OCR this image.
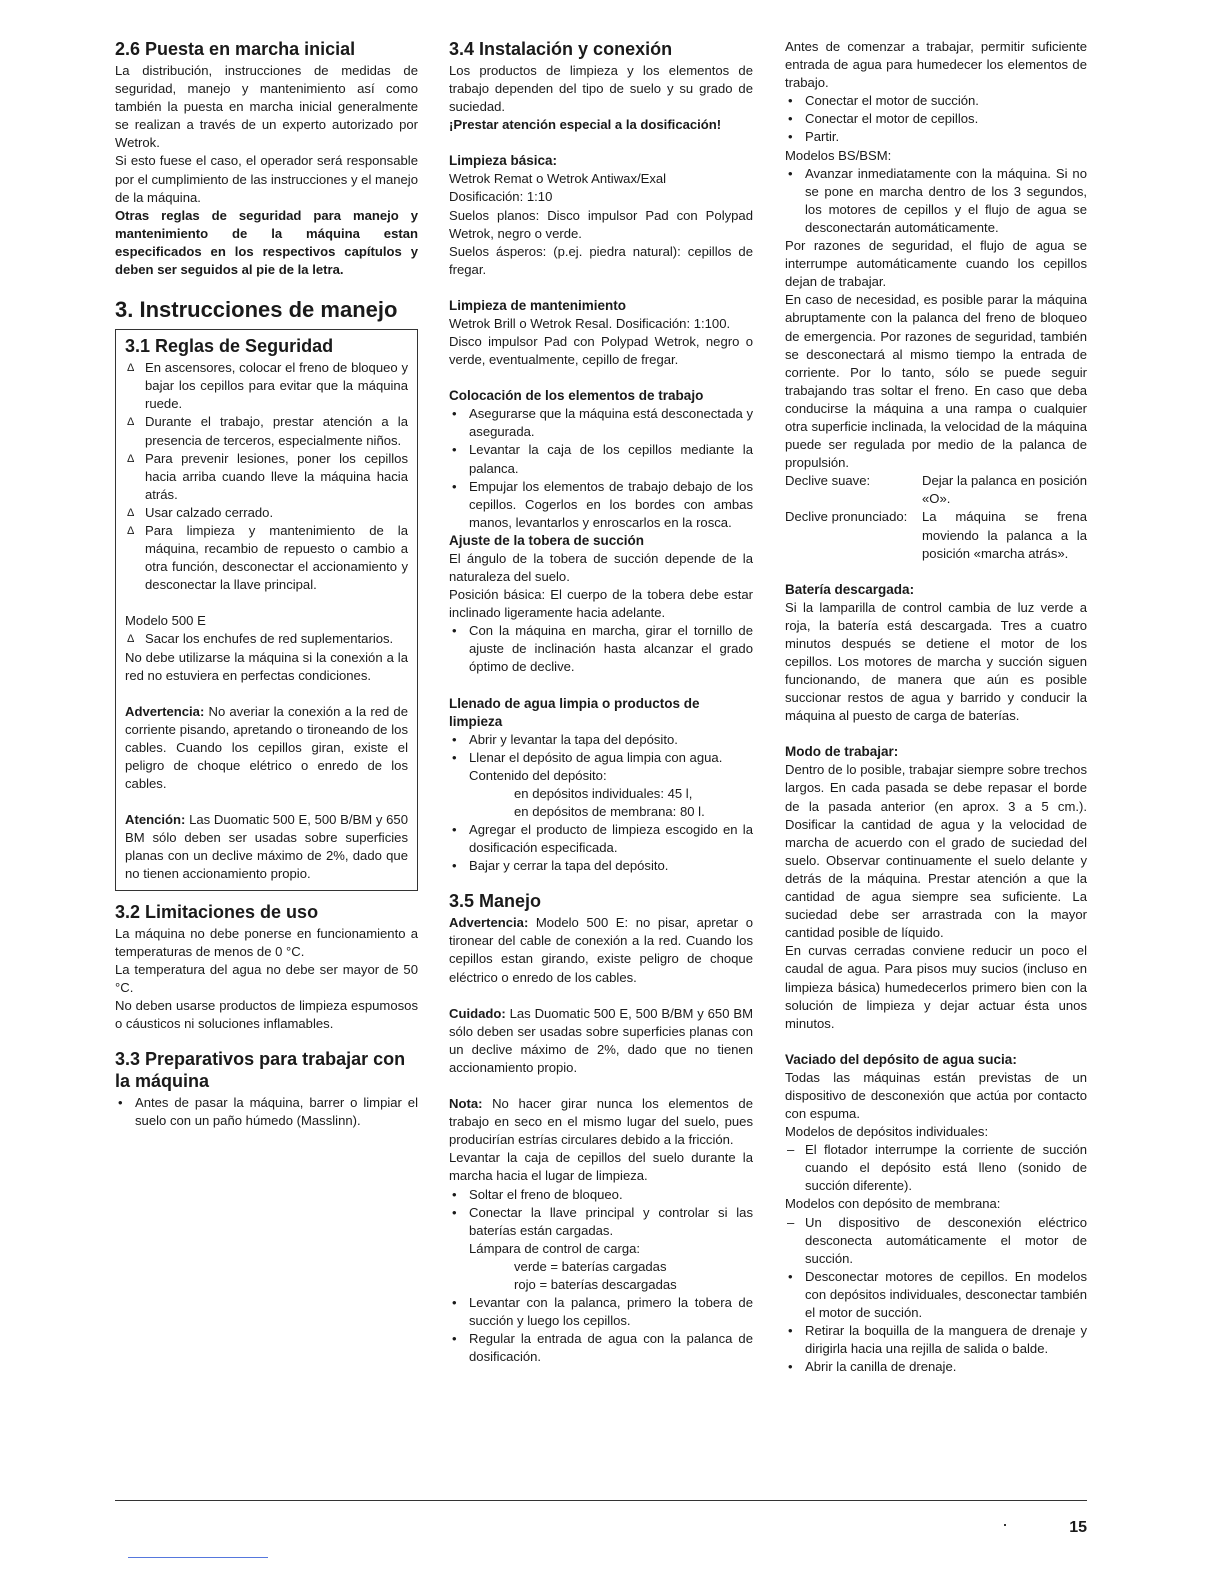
2.6 Puesta en marcha inicial

La distribución, instrucciones de medidas de seguridad, manejo y mantenimiento así como también la puesta en marcha inicial generalmente se realizan a través de un experto autorizado por Wetrok.

Si esto fuese el caso, el operador será responsable por el cumplimiento de las instrucciones y el manejo de la máquina.

Otras reglas de seguridad para manejo y mantenimiento de la máquina estan especificados en los respectivos capítulos y deben ser seguidos al pie de la letra.

3. Instrucciones de manejo
3.1 Reglas de Seguridad
Δ En ascensores, colocar el freno de bloqueo y bajar los cepillos para evitar que la máquina ruede.
Δ Durante el trabajo, prestar atención a la presencia de terceros, especialmente niños.
Δ Para prevenir lesiones, poner los cepillos hacia arriba cuando lleve la máquina hacia atrás.
Δ Usar calzado cerrado.
Δ Para limpieza y mantenimiento de la máquina, recambio de repuesto o cambio a otra función, desconectar el accionamiento y desconectar la llave principal.

Modelo 500 E

Δ Sacar los enchufes de red suplementarios.

No debe utilizarse la máquina si la conexión a la red no estuviera en perfectas condiciones.

Advertencia: No averiar la conexión a la red de corriente pisando, apretando o tironeando de los cables. Cuando los cepillos giran, existe el peligro de choque elétrico o enredo de los cables.

Atención: Las Duomatic 500 E, 500 B/BM y 650 BM sólo deben ser usadas sobre superficies planas con un declive máximo de 2%, dado que no tienen accionamiento propio.

3.2 Limitaciones de uso

La máquina no debe ponerse en funcionamiento a temperaturas de menos de 0 °C.

La temperatura del agua no debe ser mayor de 50 °C.

No deben usarse productos de limpieza espumosos o cáusticos ni soluciones inflamables.

3.3 Preparativos para trabajar con la máquina
• Antes de pasar la máquina, barrer o limpiar el suelo con un paño húmedo (Masslinn).
3.4 Instalación y conexión

Los productos de limpieza y los elementos de trabajo dependen del tipo de suelo y su grado de suciedad.

¡Prestar atención especial a la dosificación!

Limpieza básica:

Wetrok Remat o Wetrok Antiwax/Exal

Dosificación: 1:10

Suelos planos: Disco impulsor Pad con Polypad Wetrok, negro o verde.

Suelos ásperos: (p.ej. piedra natural): cepillos de fregar.

Limpieza de mantenimiento

Wetrok Brill o Wetrok Resal. Dosificación: 1:100.

Disco impulsor Pad con Polypad Wetrok, negro o verde, eventualmente, cepillo de fregar.

Colocación de los elementos de trabajo
• Asegurarse que la máquina está desconectada y asegurada.
• Levantar la caja de los cepillos mediante la palanca.
• Empujar los elementos de trabajo debajo de los cepillos. Cogerlos en los bordes con ambas manos, levantarlos y enroscarlos en la rosca.
Ajuste de la tobera de succión

El ángulo de la tobera de succión depende de la naturaleza del suelo.

Posición básica: El cuerpo de la tobera debe estar inclinado ligeramente hacia adelante.

• Con la máquina en marcha, girar el tornillo de ajuste de inclinación hasta alcanzar el grado óptimo de declive.
Llenado de agua limpia o productos de limpieza
• Abrir y levantar la tapa del depósito.
• Llenar el depósito de agua limpia con agua.
Contenido del depósito:
en depósitos individuales: 45 l,
en depósitos de membrana: 80 l.
• Agregar el producto de limpieza escogido en la dosificación especificada.
• Bajar y cerrar la tapa del depósito.
3.5 Manejo

Advertencia: Modelo 500 E: no pisar, apretar o tironear del cable de conexión a la red. Cuando los cepillos estan girando, existe peligro de choque eléctrico o enredo de los cables.

Cuidado: Las Duomatic 500 E, 500 B/BM y 650 BM sólo deben ser usadas sobre superficies planas con un declive máximo de 2%, dado que no tienen accionamiento propio.

Nota: No hacer girar nunca los elementos de trabajo en seco en el mismo lugar del suelo, pues producirían estrías circulares debido a la fricción.

Levantar la caja de cepillos del suelo durante la marcha hacia el lugar de limpieza.

• Soltar el freno de bloqueo.
• Conectar la llave principal y controlar si las baterías están cargadas.
Lámpara de control de carga:
verde = baterías cargadas
rojo = baterías descargadas
• Levantar con la palanca, primero la tobera de succión y luego los cepillos.
• Regular la entrada de agua con la palanca de dosificación.

Antes de comenzar a trabajar, permitir suficiente entrada de agua para humedecer los elementos de trabajo.

• Conectar el motor de succión.
• Conectar el motor de cepillos.
• Partir.

Modelos BS/BSM:

• Avanzar inmediatamente con la máquina. Si no se pone en marcha dentro de los 3 segundos, los motores de cepillos y el flujo de agua se desconectarán automáticamente.

Por razones de seguridad, el flujo de agua se interrumpe automáticamente cuando los cepillos dejan de trabajar.

En caso de necesidad, es posible parar la máquina abruptamente con la palanca del freno de bloqueo de emergencia. Por razones de seguridad, también se desconectará al mismo tiempo la entrada de corriente. Por lo tanto, sólo se puede seguir trabajando tras soltar el freno. En caso que deba conducirse la máquina a una rampa o cualquier otra superficie inclinada, la velocidad de la máquina puede ser regulada por medio de la palanca de propulsión.

Declive suave:	Dejar la palanca en posición «O».
Declive pronunciado:	La máquina se frena moviendo la palanca a la posición «marcha atrás».
Batería descargada:

Si la lamparilla de control cambia de luz verde a roja, la batería está descargada. Tres a cuatro minutos después se detiene el motor de los cepillos. Los motores de marcha y succión siguen funcionando, de manera que aún es posible succionar restos de agua y barrido y conducir la máquina al puesto de carga de baterías.

Modo de trabajar:

Dentro de lo posible, trabajar siempre sobre trechos largos. En cada pasada se debe repasar el borde de la pasada anterior (en aprox. 3 a 5 cm.). Dosificar la cantidad de agua y la velocidad de marcha de acuerdo con el grado de suciedad del suelo. Observar continuamente el suelo delante y detrás de la máquina. Prestar atención a que la cantidad de agua siempre sea suficiente. La suciedad debe ser arrastrada con la mayor cantidad posible de líquido.

En curvas cerradas conviene reducir un poco el caudal de agua. Para pisos muy sucios (incluso en limpieza básica) humedecerlos primero bien con la solución de limpieza y dejar actuar ésta unos minutos.

Vaciado del depósito de agua sucia:

Todas las máquinas están previstas de un dispositivo de desconexión que actúa por contacto con espuma.

Modelos de depósitos individuales:

– El flotador interrumpe la corriente de succión cuando el depósito está lleno (sonido de succión diferente).

Modelos con depósito de membrana:

– Un dispositivo de desconexión eléctrico desconecta automáticamente el motor de succión.
• Desconectar motores de cepillos. En modelos con depósitos individuales, desconectar también el motor de succión.
• Retirar la boquilla de la manguera de drenaje y dirigirla hacia una rejilla de salida o balde.
• Abrir la canilla de drenaje.
15
